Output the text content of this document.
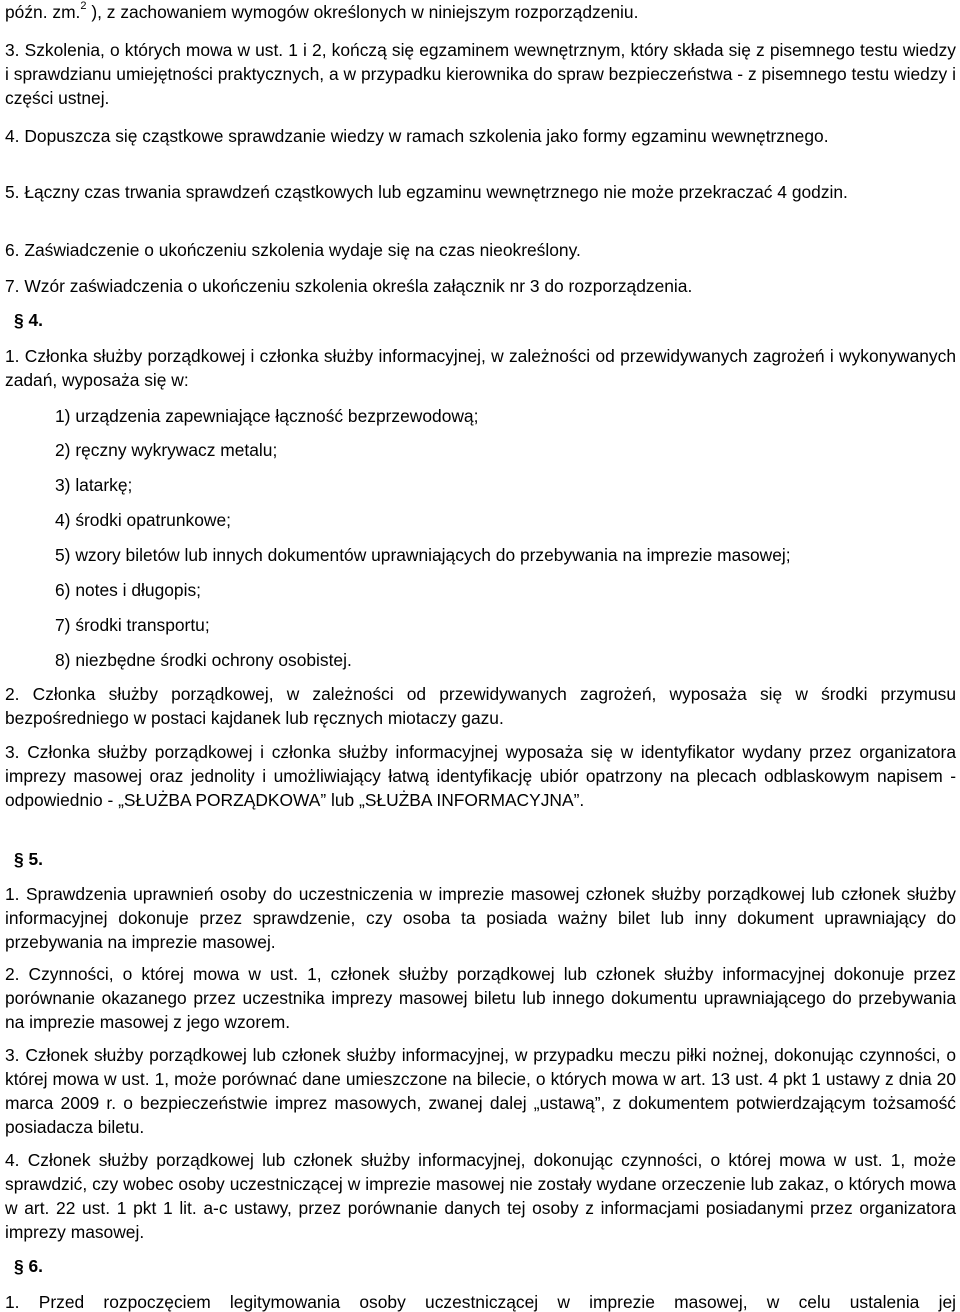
późn. zm.$^2$ ), z zachowaniem wymogów określonych w niniejszym rozporządzeniu.
3. Szkolenia, o których mowa w ust. 1 i 2, kończą się egzaminem wewnętrznym, który składa się z pisemnego testu wiedzy i sprawdzianu umiejętności praktycznych, a w przypadku kierownika do spraw bezpieczeństwa - z pisemnego testu wiedzy i części ustnej.
4. Dopuszcza się cząstkowe sprawdzanie wiedzy w ramach szkolenia jako formy egzaminu wewnętrznego.
5. Łączny czas trwania sprawdzeń cząstkowych lub egzaminu wewnętrznego nie może przekraczać 4 godzin.
6. Zaświadczenie o ukończeniu szkolenia wydaje się na czas nieokreślony.
7. Wzór zaświadczenia o ukończeniu szkolenia określa załącznik nr 3 do rozporządzenia.
§ 4.
1. Członka służby porządkowej i członka służby informacyjnej, w zależności od przewidywanych zagrożeń i wykonywanych zadań, wyposaża się w:
1) urządzenia zapewniające łączność bezprzewodową;
2) ręczny wykrywacz metalu;
3) latarkę;
4) środki opatrunkowe;
5) wzory biletów lub innych dokumentów uprawniających do przebywania na imprezie masowej;
6) notes i długopis;
7) środki transportu;
8) niezbędne środki ochrony osobistej.
2. Członka służby porządkowej, w zależności od przewidywanych zagrożeń, wyposaża się w środki przymusu bezpośredniego w postaci kajdanek lub ręcznych miotaczy gazu.
3. Członka służby porządkowej i członka służby informacyjnej wyposaża się w identyfikator wydany przez organizatora imprezy masowej oraz jednolity i umożliwiający łatwą identyfikację ubiór opatrzony na plecach odblaskowym napisem - odpowiednio - „SŁUŻBA PORZĄDKOWA” lub „SŁUŻBA INFORMACYJNA”.
§ 5.
1. Sprawdzenia uprawnień osoby do uczestniczenia w imprezie masowej członek służby porządkowej lub członek służby informacyjnej dokonuje przez sprawdzenie, czy osoba ta posiada ważny bilet lub inny dokument uprawniający do przebywania na imprezie masowej.
2. Czynności, o której mowa w ust. 1, członek służby porządkowej lub członek służby informacyjnej dokonuje przez porównanie okazanego przez uczestnika imprezy masowej biletu lub innego dokumentu uprawniającego do przebywania na imprezie masowej z jego wzorem.
3. Członek służby porządkowej lub członek służby informacyjnej, w przypadku meczu piłki nożnej, dokonując czynności, o której mowa w ust. 1, może porównać dane umieszczone na bilecie, o których mowa w art. 13 ust. 4 pkt 1 ustawy z dnia 20 marca 2009 r. o bezpieczeństwie imprez masowych, zwanej dalej „ustawą”, z dokumentem potwierdzającym tożsamość posiadacza biletu.
4. Członek służby porządkowej lub członek służby informacyjnej, dokonując czynności, o której mowa w ust. 1, może sprawdzić, czy wobec osoby uczestniczącej w imprezie masowej nie zostały wydane orzeczenie lub zakaz, o których mowa w art. 22 ust. 1 pkt 1 lit. a-c ustawy, przez porównanie danych tej osoby z informacjami posiadanymi przez organizatora imprezy masowej.
§ 6.
1. Przed rozpoczęciem legitymowania osoby uczestniczącej w imprezie masowej, w celu ustalenia jej
